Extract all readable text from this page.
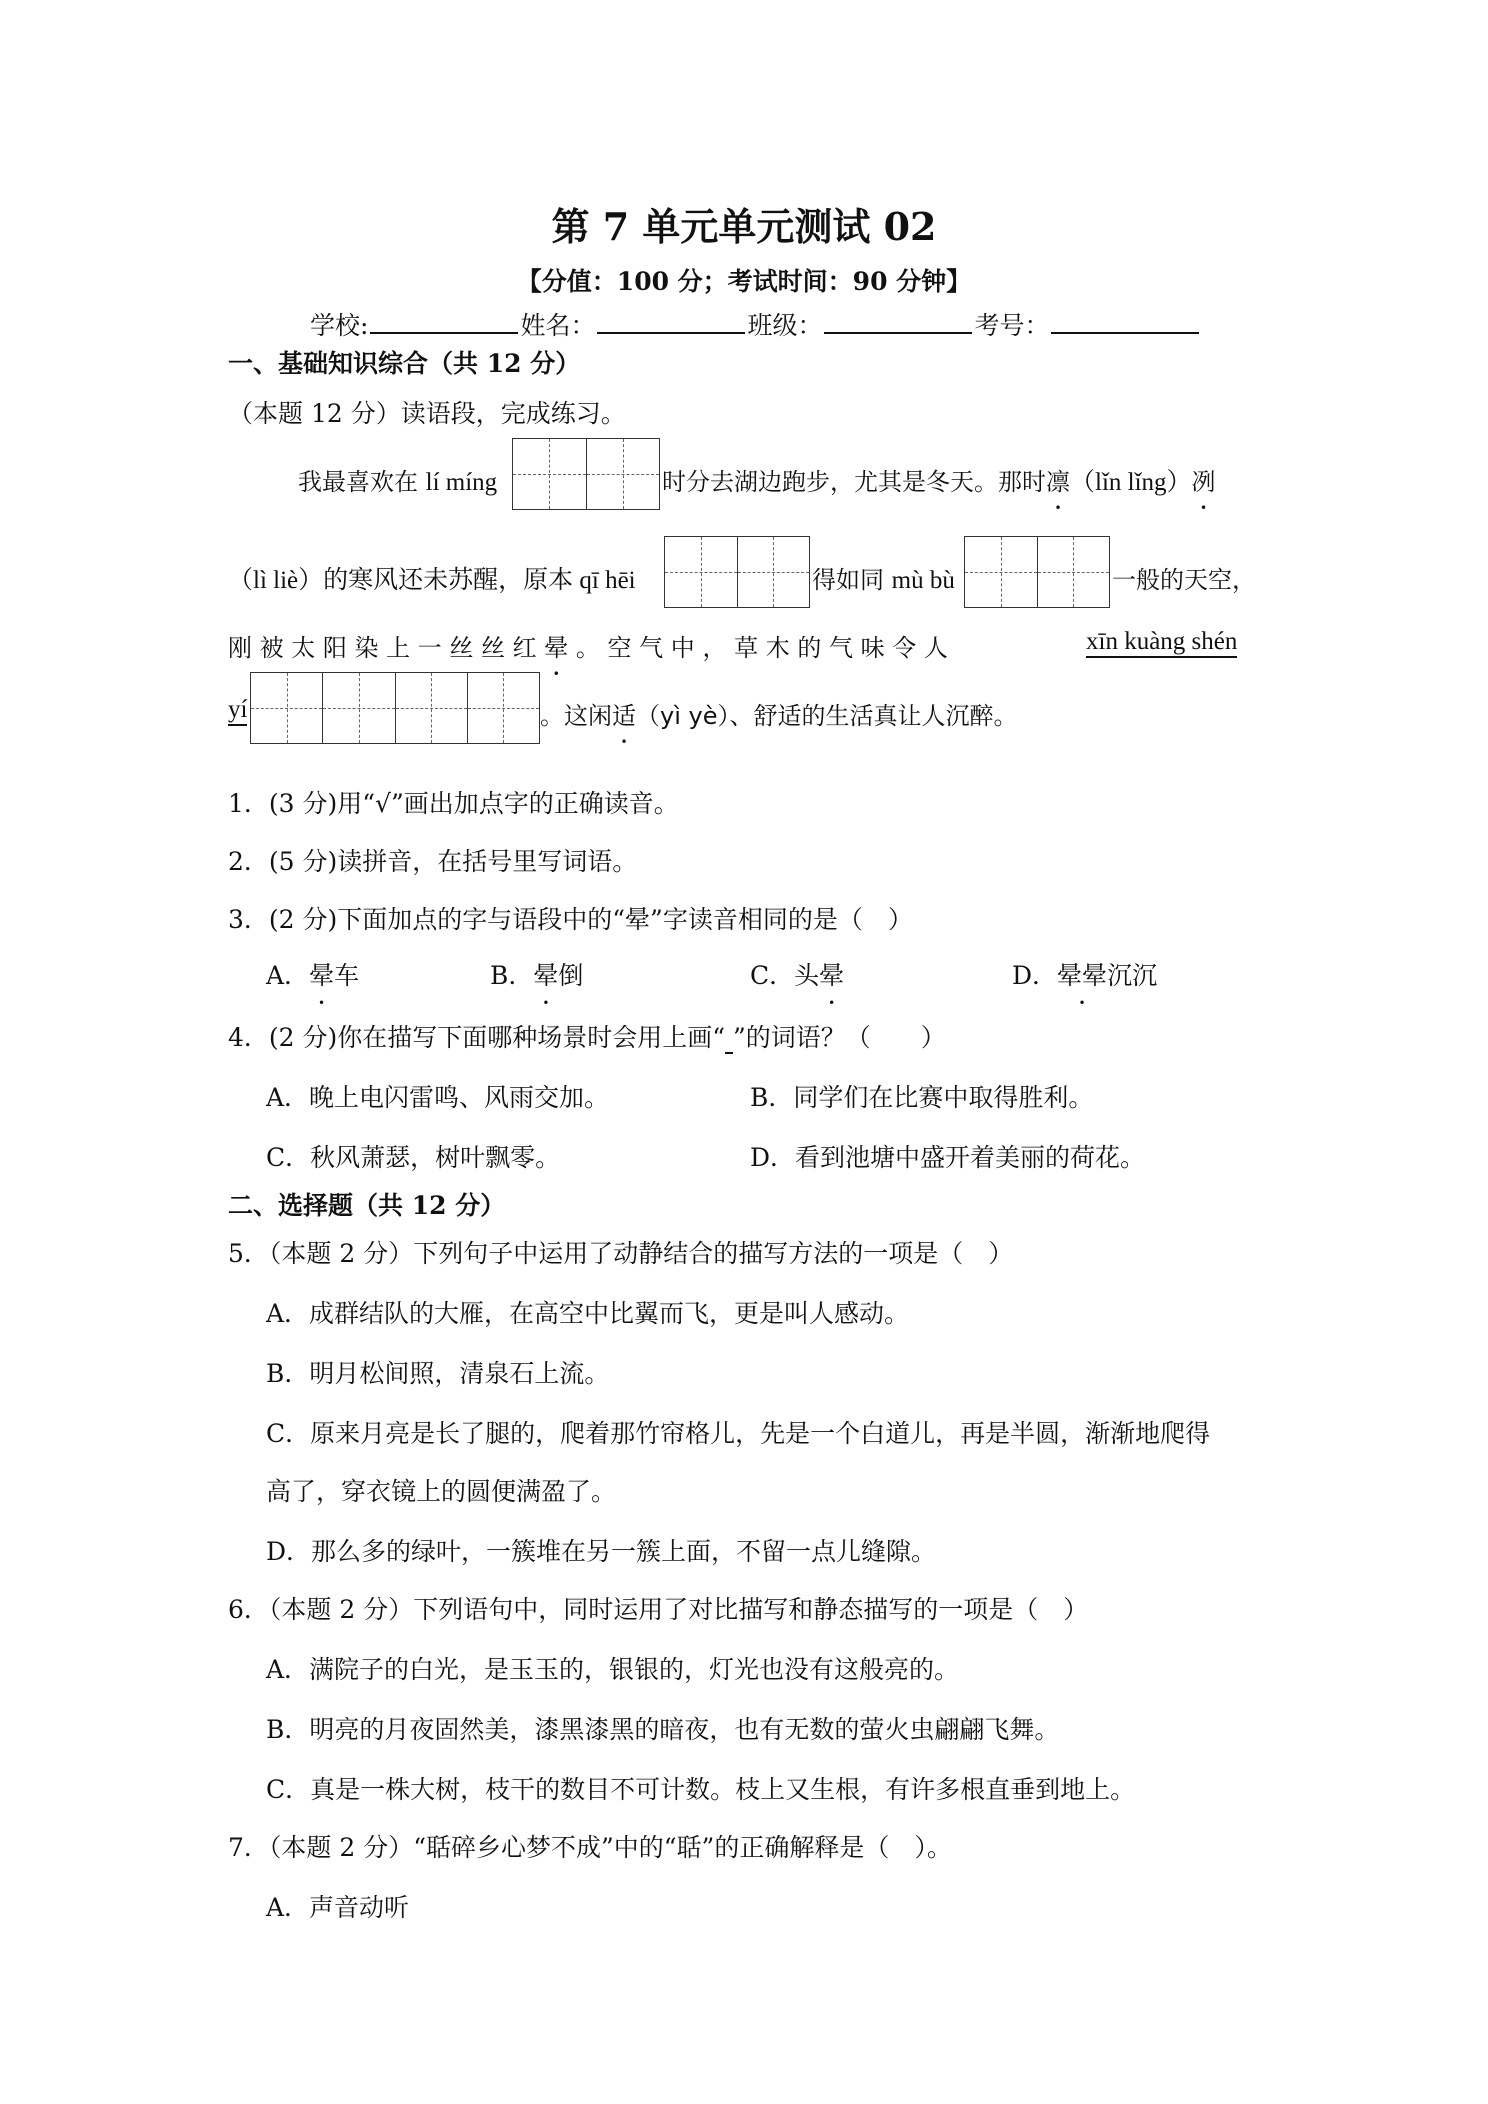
第 7 单元单元测试 02
【分值：100 分；考试时间：90 分钟】
学校:	姓名：	班级：	考号：
一、基础知识综合（共 12 分）
（本题 12 分）读语段，完成练习。
我最喜欢在 lí míng	时分去湖边跑步，尤其是冬天。那时凛（lǐn lǐng）冽
（lì liè）的寒风还未苏醒，原本 qī hēi	得如同 mù bù	一般的天空，
刚 被 太 阳 染 上 一 丝 丝 红 晕 。 空 气 中 ， 草 木 的 气 味 令 人	xīn kuàng shén
yí	。这闲适（yì yè）、舒适的生活真让人沉醉。
1．(3 分)用“√”画出加点字的正确读音。
2．(5 分)读拼音，在括号里写词语。
3．(2 分)下面加点的字与语段中的“晕”字读音相同的是（　）
A．晕车	B．晕倒	C．头晕	D．晕晕沉沉
4．(2 分)你在描写下面哪种场景时会用上画“ ”的词语？（　　）
A．晚上电闪雷鸣、风雨交加。	B．同学们在比赛中取得胜利。
C．秋风萧瑟，树叶飘零。	D．看到池塘中盛开着美丽的荷花。
二、选择题（共 12 分）
5．（本题 2 分）下列句子中运用了动静结合的描写方法的一项是（　）
A．成群结队的大雁，在高空中比翼而飞，更是叫人感动。
B．明月松间照，清泉石上流。
C．原来月亮是长了腿的，爬着那竹帘格儿，先是一个白道儿，再是半圆，渐渐地爬得
高了，穿衣镜上的圆便满盈了。
D．那么多的绿叶，一簇堆在另一簇上面，不留一点儿缝隙。
6．（本题 2 分）下列语句中，同时运用了对比描写和静态描写的一项是（　）
A．满院子的白光，是玉玉的，银银的，灯光也没有这般亮的。
B．明亮的月夜固然美，漆黑漆黑的暗夜，也有无数的萤火虫翩翩飞舞。
C．真是一株大树，枝干的数目不可计数。枝上又生根，有许多根直垂到地上。
7．（本题 2 分）“聒碎乡心梦不成”中的“聒”的正确解释是（　）。
A．声音动听
